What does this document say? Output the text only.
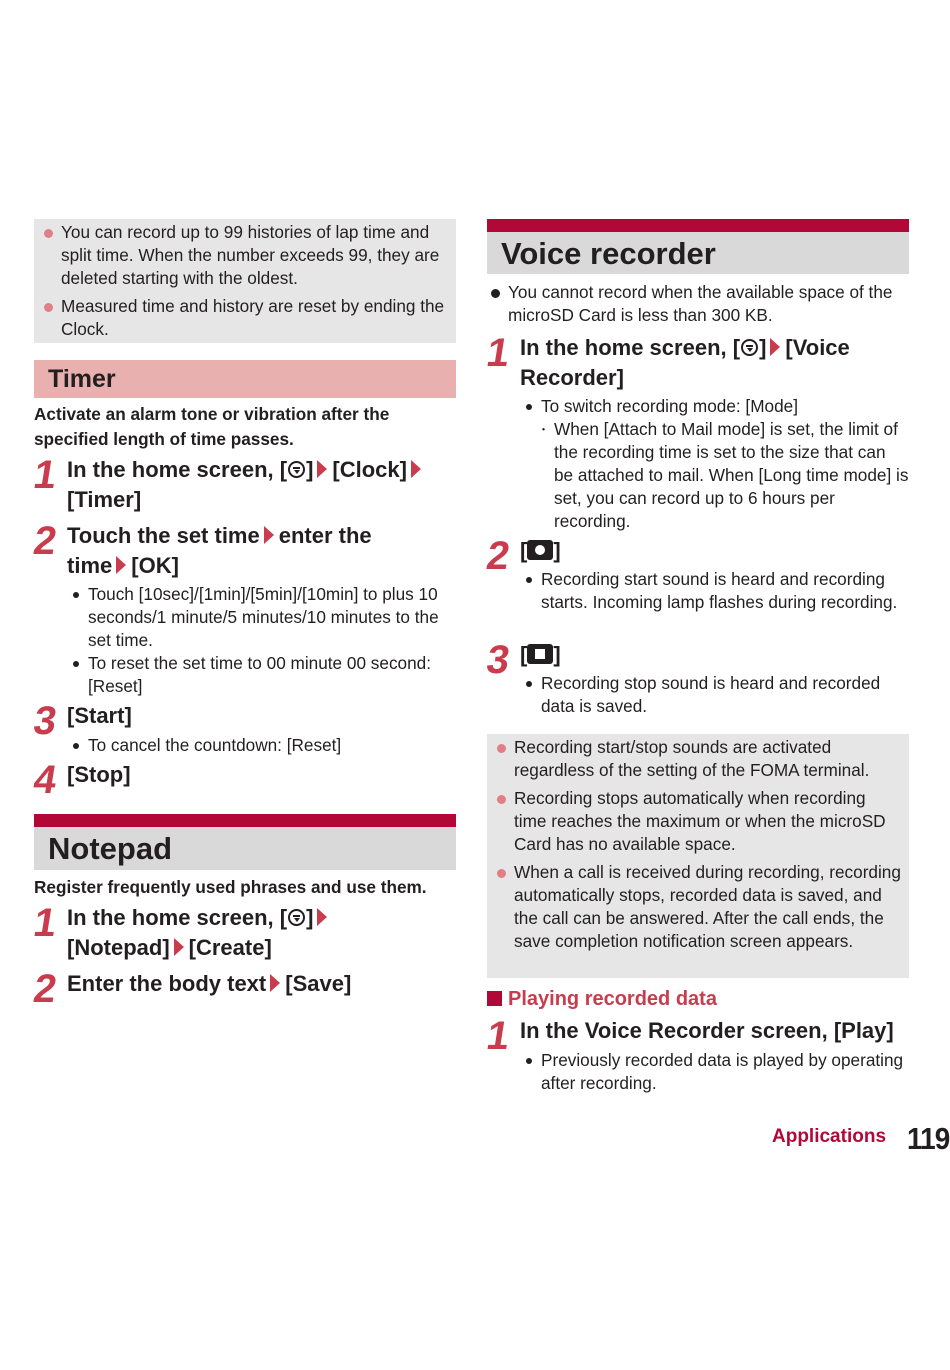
You can record up to 99 histories of lap time and split time. When the number exceeds 99, they are deleted starting with the oldest.
Measured time and history are reset by ending the Clock.
Timer
Activate an alarm tone or vibration after the specified length of time passes.
1 In the home screen, [ ] [Clock]
[Timer]
2 Touch the set time enter the
time [OK]
Touch [10sec]/[1min]/[5min]/[10min] to plus 10 seconds/1 minute/5 minutes/10 minutes to the set time.
To reset the set time to 00 minute 00 second: [Reset]
3 [Start]
To cancel the countdown: [Reset]
4 [Stop]
Notepad
Register frequently used phrases and use them.
1 In the home screen, [ ]
[Notepad] [Create]
2 Enter the body text [Save]
Voice recorder
You cannot record when the available space of the microSD Card is less than 300 KB.
1 In the home screen, [ ] [Voice
Recorder]
To switch recording mode: [Mode]
・ When [Attach to Mail mode] is set, the limit of the recording time is set to the size that can be attached to mail. When [Long time mode] is set, you can record up to 6 hours per recording.
2 [ ]
Recording start sound is heard and recording starts. Incoming lamp flashes during recording.
3 [ ]
Recording stop sound is heard and recorded data is saved.
Recording start/stop sounds are activated regardless of the setting of the FOMA terminal.
Recording stops automatically when recording time reaches the maximum or when the microSD Card has no available space.
When a call is received during recording, recording automatically stops, recorded data is saved, and the call can be answered. After the call ends, the save completion notification screen appears.
Playing recorded data
1 In the Voice Recorder screen, [Play]
Previously recorded data is played by operating after recording.
Applications 119
